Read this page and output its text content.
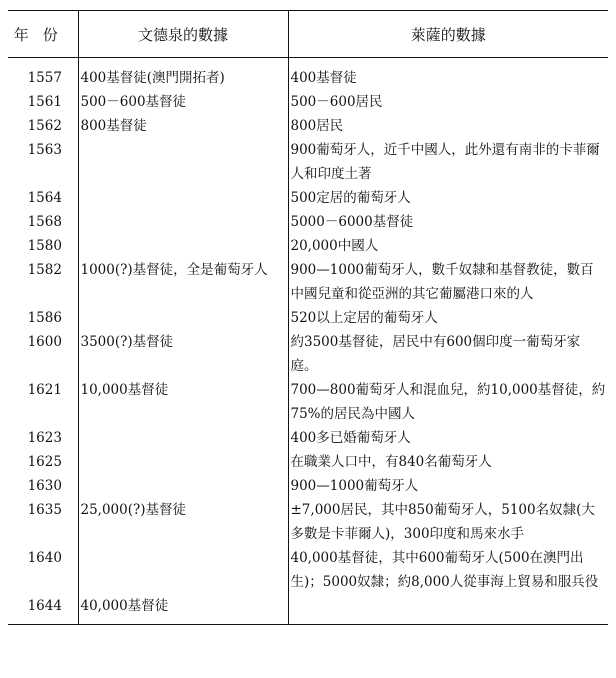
年份	文德泉的數據	萊薩的數據
1557	400基督徒(澳門開拓者)	400基督徒
1561	500－600基督徒	500－600居民
1562	800基督徒	800居民
1563		900葡萄牙人，近千中國人，此外還有南非的卡菲爾人和印度土著
1564		500定居的葡萄牙人
1568		5000－6000基督徒
1580		20,000中國人
1582	1000(?)基督徒，全是葡萄牙人	900—1000葡萄牙人，數千奴隸和基督教徒，數百中國兒童和從亞洲的其它葡屬港口來的人
1586		520以上定居的葡萄牙人
1600	3500(?)基督徒	約3500基督徒，居民中有600個印度一葡萄牙家庭。
1621	10,000基督徒	700—800葡萄牙人和混血兒，約10,000基督徒，約75%的居民為中國人
1623		400多已婚葡萄牙人
1625		在職業人口中，有840名葡萄牙人
1630		900—1000葡萄牙人
1635	25,000(?)基督徒	±7,000居民，其中850葡萄牙人，5100名奴隸(大多數是卡菲爾人)，300印度和馬來水手
1640		40,000基督徒，其中600葡萄牙人(500在澳門出生)；5000奴隸；約8,000人從事海上貿易和服兵役
1644	40,000基督徒	
